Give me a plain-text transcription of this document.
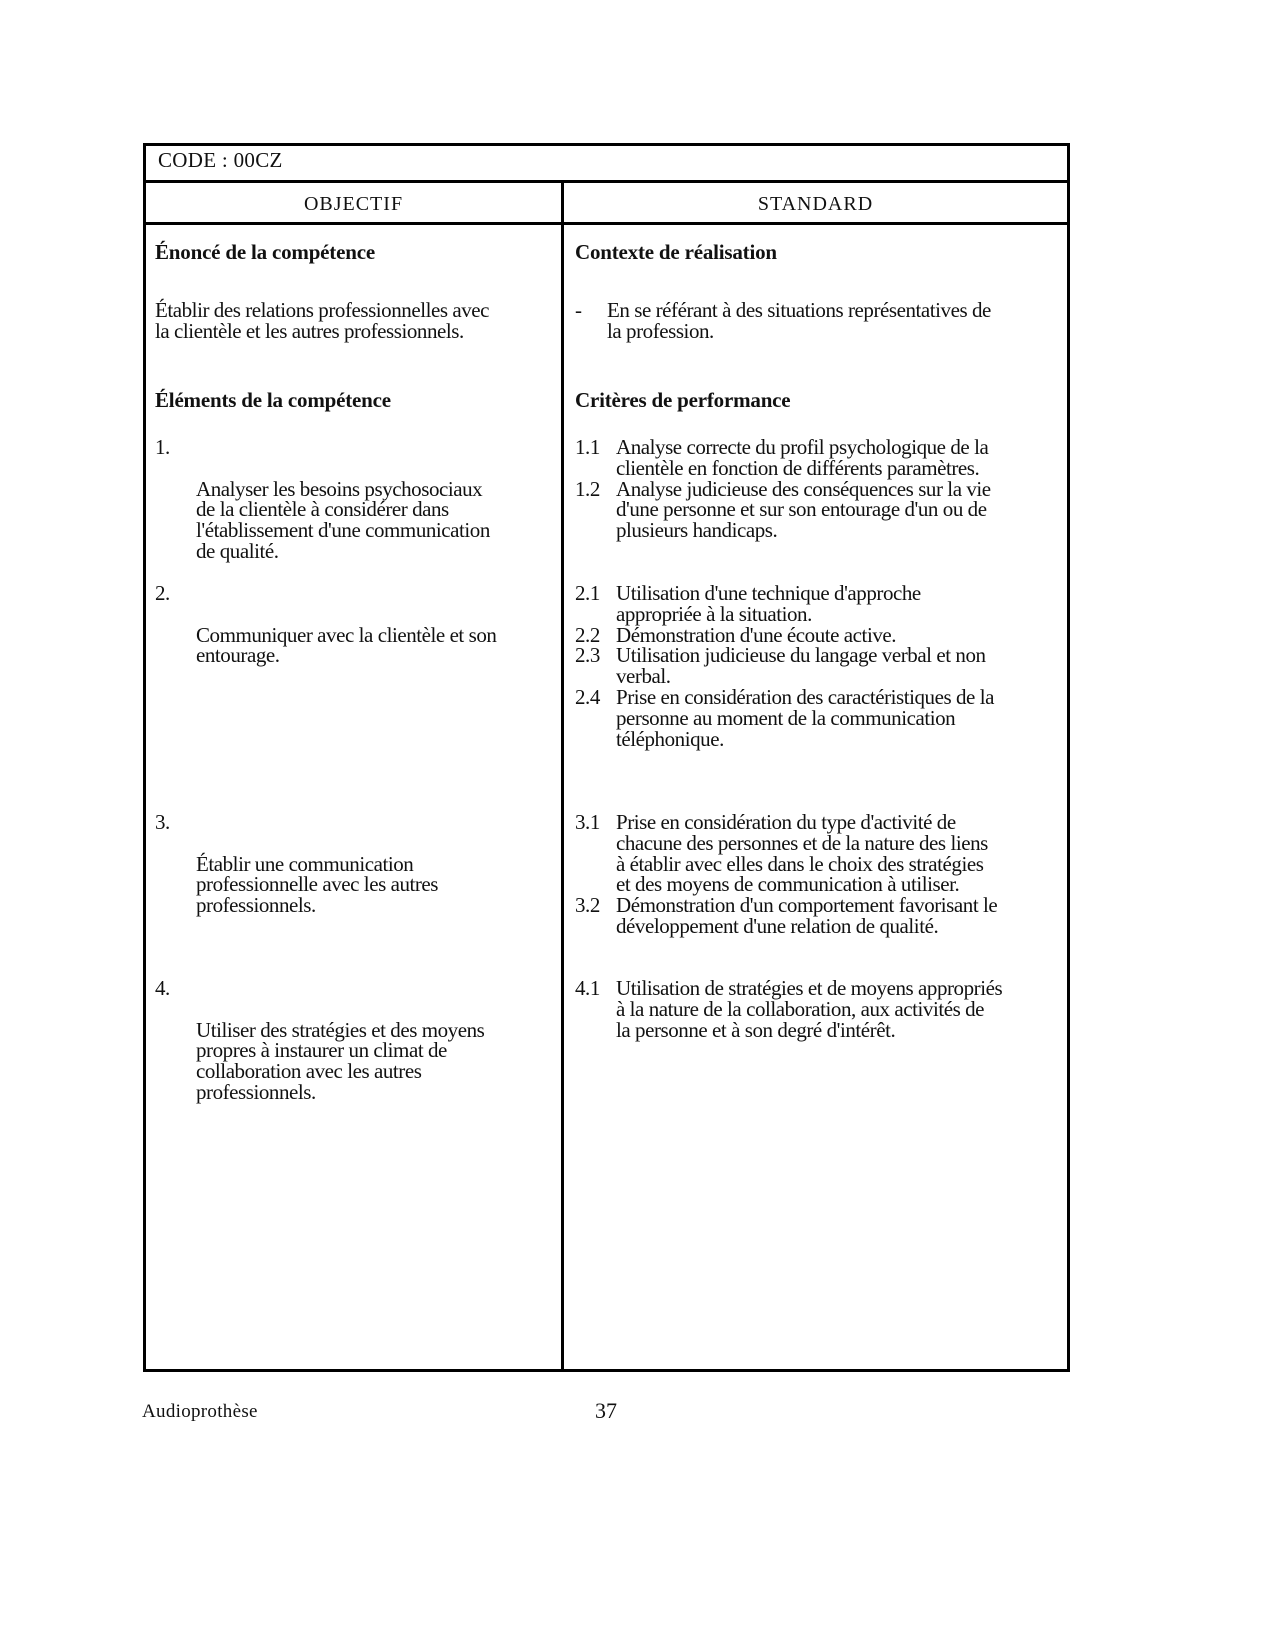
CODE : 00CZ
OBJECTIF	STANDARD
Énoncé de la compétence
Établir des relations professionnelles avec
la clientèle et les autres professionnels.
Éléments de la compétence
Contexte de réalisation
- En se référant à des situations représentatives de
la profession.
Critères de performance

1.

Analyser les besoins psychosociaux
de la clientèle à considérer dans
l'établissement d'une communication
de qualité.

2.

Communiquer avec la clientèle et son
entourage.

3.

Établir une communication
professionnelle avec les autres
professionnels.

4.

Utiliser des stratégies et des moyens
propres à instaurer un climat de
collaboration avec les autres
professionnels.
1.1 Analyse correcte du profil psychologique de la
clientèle en fonction de différents paramètres.
1.2 Analyse judicieuse des conséquences sur la vie
d'une personne et sur son entourage d'un ou de
plusieurs handicaps.
2.1 Utilisation d'une technique d'approche
appropriée à la situation.
2.2 Démonstration d'une écoute active.
2.3 Utilisation judicieuse du langage verbal et non
verbal.
2.4 Prise en considération des caractéristiques de la
personne au moment de la communication
téléphonique.
3.1 Prise en considération du type d'activité de
chacune des personnes et de la nature des liens
à établir avec elles dans le choix des stratégies
et des moyens de communication à utiliser.
3.2 Démonstration d'un comportement favorisant le
développement d'une relation de qualité.
4.1 Utilisation de stratégies et de moyens appropriés
à la nature de la collaboration, aux activités de
la personne et à son degré d'intérêt.
Audioprothèse	37
